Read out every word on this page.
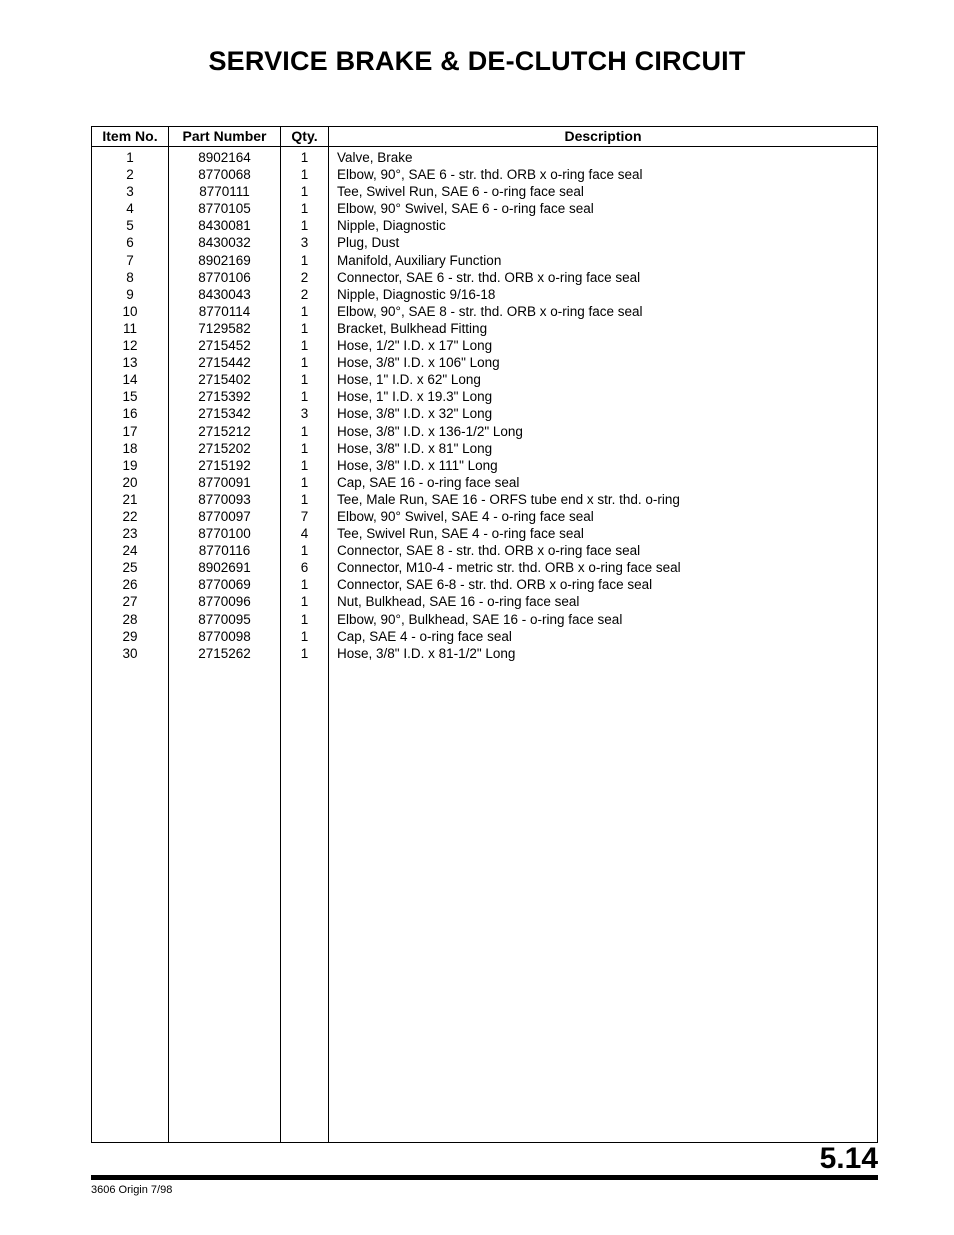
SERVICE BRAKE & DE-CLUTCH CIRCUIT
Item No.	Part Number	Qty.	Description
1	8902164	1	Valve, Brake
2	8770068	1	Elbow, 90°, SAE 6 - str. thd. ORB x o-ring face seal
3	8770111	1	Tee, Swivel Run, SAE 6 - o-ring face seal
4	8770105	1	Elbow, 90° Swivel, SAE 6 - o-ring face seal
5	8430081	1	Nipple, Diagnostic
6	8430032	3	Plug, Dust
7	8902169	1	Manifold, Auxiliary Function
8	8770106	2	Connector, SAE 6 - str. thd. ORB x o-ring face seal
9	8430043	2	Nipple, Diagnostic 9/16-18
10	8770114	1	Elbow, 90°, SAE 8 - str. thd. ORB x o-ring face seal
11	7129582	1	Bracket, Bulkhead Fitting
12	2715452	1	Hose, 1/2" I.D. x 17" Long
13	2715442	1	Hose, 3/8" I.D. x 106" Long
14	2715402	1	Hose, 1" I.D. x 62" Long
15	2715392	1	Hose, 1" I.D. x 19.3" Long
16	2715342	3	Hose, 3/8" I.D. x 32" Long
17	2715212	1	Hose, 3/8" I.D. x 136-1/2" Long
18	2715202	1	Hose, 3/8" I.D. x 81" Long
19	2715192	1	Hose, 3/8" I.D. x 111" Long
20	8770091	1	Cap, SAE 16 - o-ring face seal
21	8770093	1	Tee, Male Run, SAE 16 - ORFS tube end x str. thd. o-ring
22	8770097	7	Elbow, 90° Swivel, SAE 4 - o-ring face seal
23	8770100	4	Tee, Swivel Run, SAE 4 - o-ring face seal
24	8770116	1	Connector, SAE 8 - str. thd. ORB x o-ring face seal
25	8902691	6	Connector, M10-4 - metric str. thd. ORB x o-ring face seal
26	8770069	1	Connector, SAE 6-8 - str. thd. ORB x o-ring face seal
27	8770096	1	Nut, Bulkhead, SAE 16 - o-ring face seal
28	8770095	1	Elbow, 90°, Bulkhead, SAE 16 - o-ring face seal
29	8770098	1	Cap, SAE 4 - o-ring face seal
30	2715262	1	Hose, 3/8" I.D. x 81-1/2" Long
5.14
3606 Origin 7/98
